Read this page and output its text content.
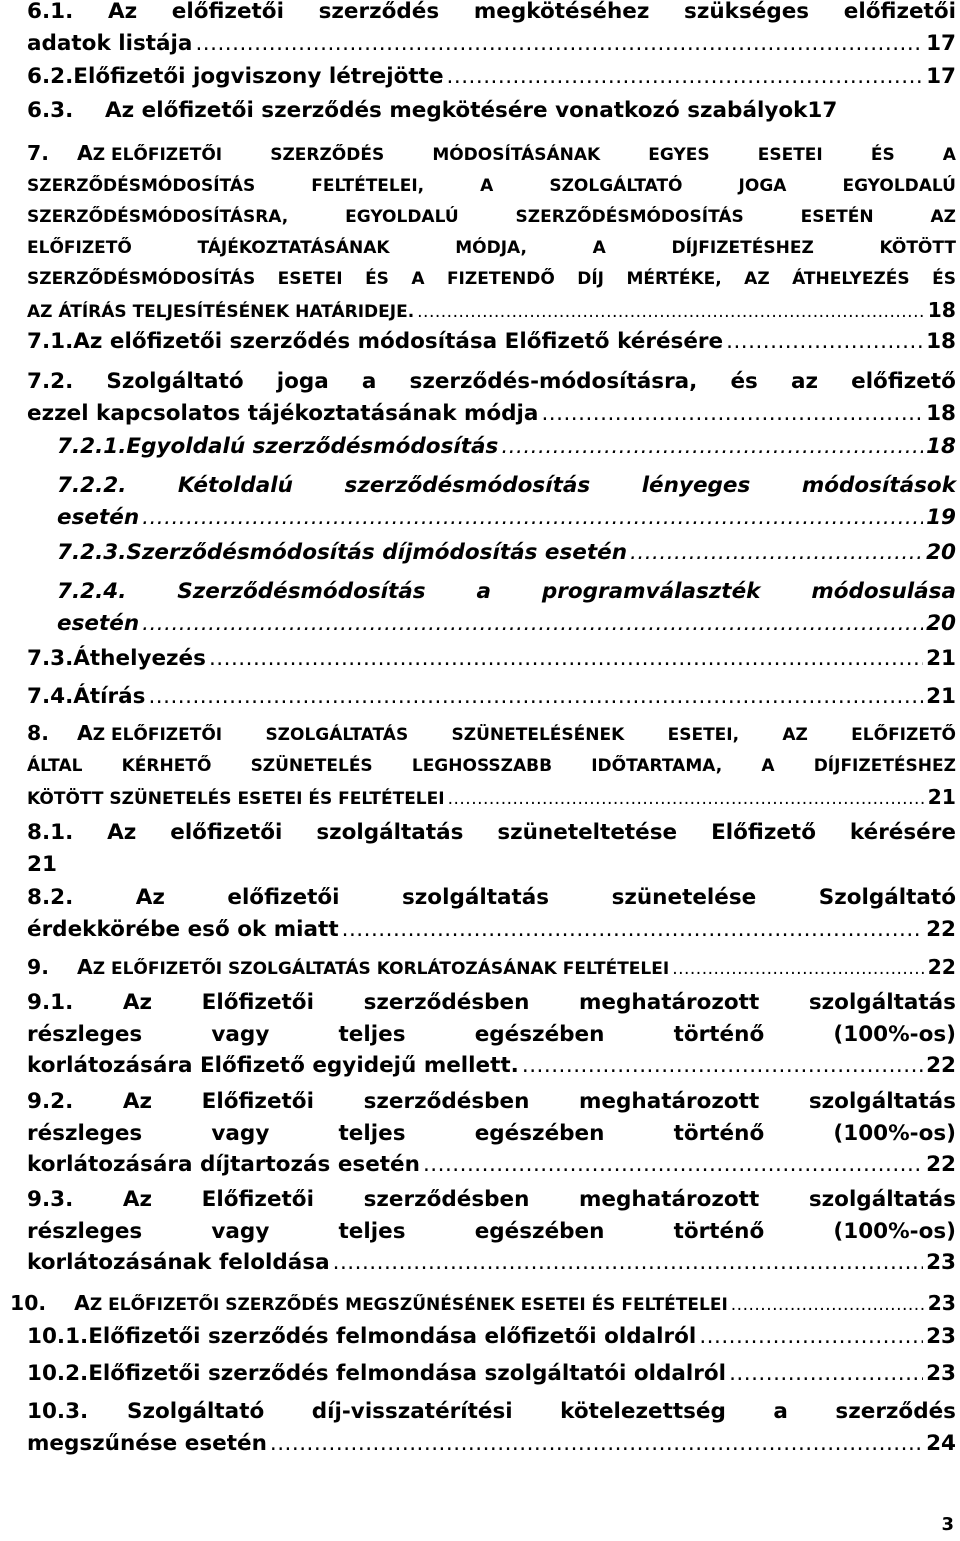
6.1. Az előfizetői szerződés megkötéséhez szükséges előfizetői
adatok listája .....	17
6.2. Előfizetői jogviszony létrejötte .....	17
6.3.	Az előfizetői szerződés megkötésére vonatkozó szabályok 17
7. AZ ELŐFIZETŐI	SZERZŐDÉS	MÓDOSÍTÁSÁNAK	EGYES	ESETEI	ÉS	A
SZERZŐDÉSMÓDOSÍTÁS	FELTÉTELEI,	A	SZOLGÁLTATÓ	JOGA	EGYOLDALÚ
SZERZŐDÉSMÓDOSÍTÁSRA,	EGYOLDALÚ	SZERZŐDÉSMÓDOSÍTÁS	ESETÉN	AZ
ELŐFIZETŐ	TÁJÉKOZTATÁSÁNAK	MÓDJA,	A	DÍJFIZETÉSHEZ	KÖTÖTT
SZERZŐDÉSMÓDOSÍTÁS ESETEI ÉS A FIZETENDŐ DÍJ MÉRTÉKE, AZ ÁTHELYEZÉS ÉS
AZ ÁTÍRÁS TELJESÍTÉSÉNEK HATÁRIDEJE. .....	18
7.1. Az előfizetői szerződés módosítása Előfizető kérésére .....	18
7.2. Szolgáltató joga a szerződés-módosításra, és az előfizető
ezzel kapcsolatos tájékoztatásának módja .....	18
7.2.1. Egyoldalú szerződésmódosítás .....	18
7.2.2. Kétoldalú szerződésmódosítás lényeges módosítások
esetén .....	19
7.2.3. Szerződésmódosítás díjmódosítás esetén .....	20
7.2.4. Szerződésmódosítás a programválaszték módosulása
esetén .....	20
7.3. Áthelyezés .....	21
7.4. Átírás .....	21
8. AZ ELŐFIZETŐI	SZOLGÁLTATÁS	SZÜNETELÉSÉNEK	ESETEI,	AZ	ELŐFIZETŐ
ÁLTAL KÉRHETŐ SZÜNETELÉS LEGHOSSZABB IDŐTARTAMA, A DÍJFIZETÉSHEZ
KÖTÖTT SZÜNETELÉS ESETEI ÉS FELTÉTELEI .....	21
8.1. Az előfizetői szolgáltatás szüneteltetése Előfizető kérésére
21
8.2.	Az	előfizetői	szolgáltatás	szünetelése	Szolgáltató
érdekkörébe eső ok miatt .....	22
9. AZ ELŐFIZETŐI SZOLGÁLTATÁS KORLÁTOZÁSÁNAK FELTÉTELEI .....	22
9.1. Az Előfizetői szerződésben meghatározott szolgáltatás
részleges	vagy	teljes	egészében	történő	(100%-os)
korlátozására Előfizető egyidejű mellett. .....	22
9.2. Az Előfizetői szerződésben meghatározott szolgáltatás
részleges	vagy	teljes	egészében	történő	(100%-os)
korlátozására díjtartozás esetén .....	22
9.3. Az Előfizetői szerződésben meghatározott szolgáltatás
részleges	vagy	teljes	egészében	történő	(100%-os)
korlátozásának feloldása .....	23
10. AZ ELŐFIZETŐI SZERZŐDÉS MEGSZŰNÉSÉNEK ESETEI ÉS FELTÉTELEI .....	23
10.1. Előfizetői szerződés felmondása előfizetői oldalról .....	23
10.2. Előfizetői szerződés felmondása szolgáltatói oldalról .....	23
10.3. Szolgáltató díj-visszatérítési kötelezettség a szerződés
megszűnése esetén .....	24
3
